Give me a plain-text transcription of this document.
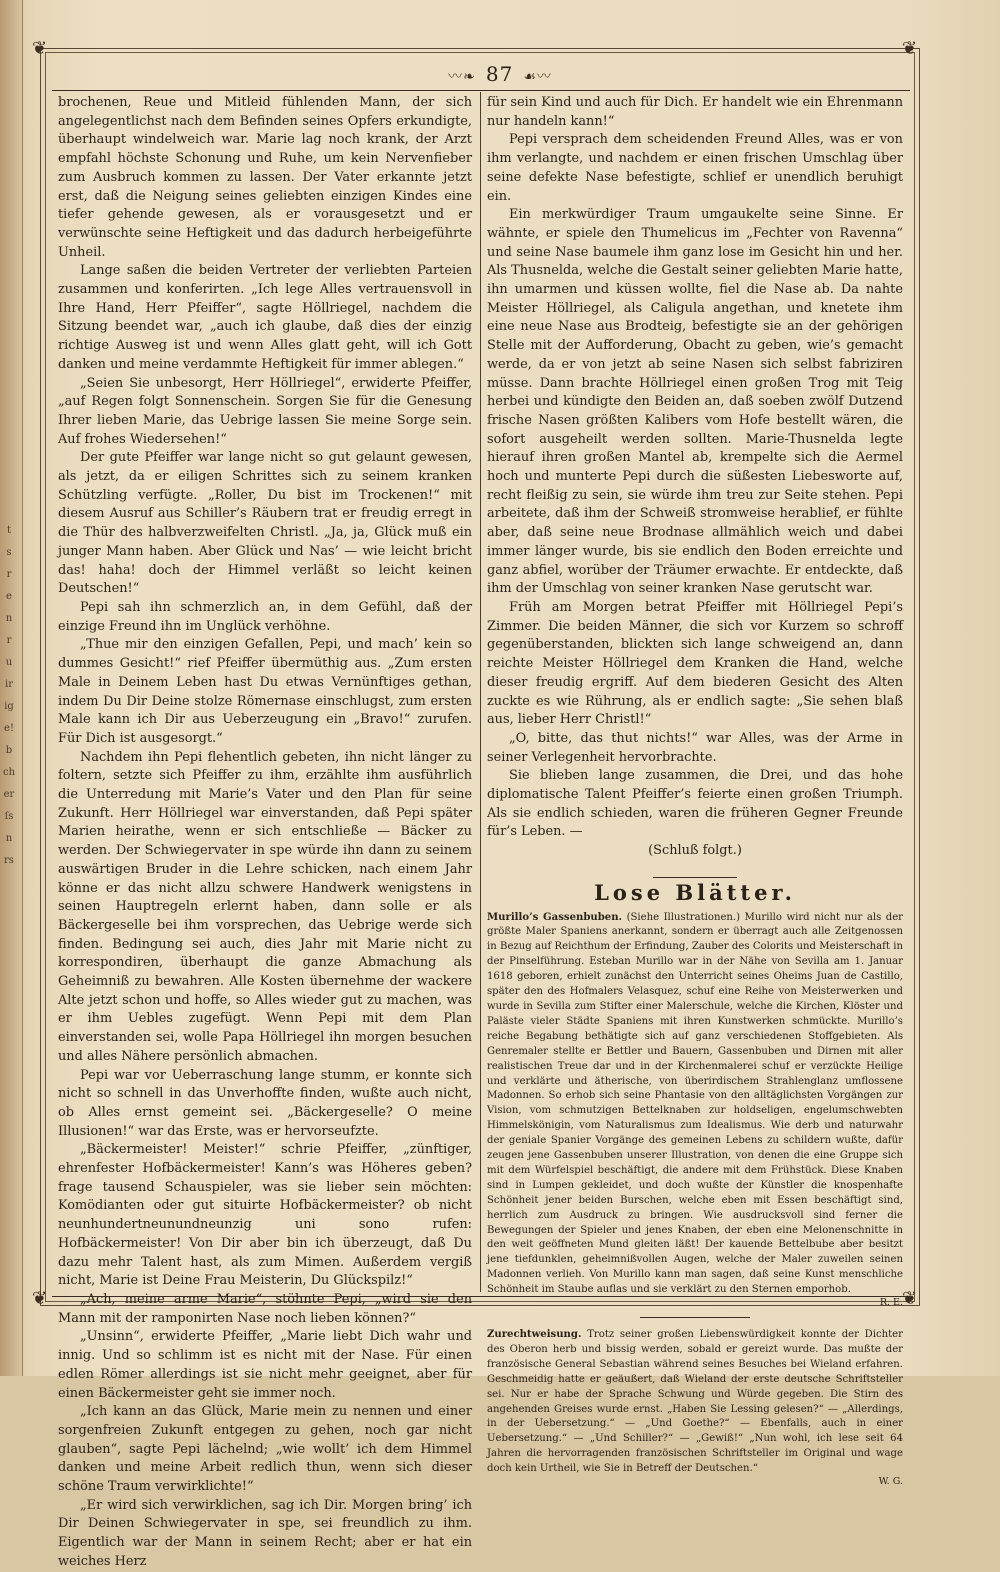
t
s
r
e
n
r
u
ir
ig
e!
b
ch
er
ſs
n
rs
❦	❦
❦	❦
〰❧ 87 ☙〰

brochenen, Reue und Mitleid fühlenden Mann, der sich angelegentlichst nach dem Befinden seines Opfers erkundigte, überhaupt windelweich war. Marie lag noch krank, der Arzt empfahl höchste Schonung und Ruhe, um kein Nervenfieber zum Ausbruch kommen zu lassen. Der Vater erkannte jetzt erst, daß die Neigung seines geliebten einzigen Kindes eine tiefer gehende gewesen, als er vorausgesetzt und er verwünschte seine Heftigkeit und das dadurch herbeigeführte Unheil.

Lange saßen die beiden Vertreter der verliebten Parteien zusammen und konferirten. „Ich lege Alles vertrauensvoll in Ihre Hand, Herr Pfeiffer“, sagte Höllriegel, nachdem die Sitzung beendet war, „auch ich glaube, daß dies der einzig richtige Ausweg ist und wenn Alles glatt geht, will ich Gott danken und meine verdammte Heftigkeit für immer ablegen.“

„Seien Sie unbesorgt, Herr Höllriegel“, erwiderte Pfeiffer, „auf Regen folgt Sonnenschein. Sorgen Sie für die Genesung Ihrer lieben Marie, das Uebrige lassen Sie meine Sorge sein. Auf frohes Wiedersehen!“

Der gute Pfeiffer war lange nicht so gut gelaunt gewesen, als jetzt, da er eiligen Schrittes sich zu seinem kranken Schützling verfügte. „Roller, Du bist im Trockenen!“ mit diesem Ausruf aus Schiller’s Räubern trat er freudig erregt in die Thür des halbverzweifelten Christl. „Ja, ja, Glück muß ein junger Mann haben. Aber Glück und Nas’ — wie leicht bricht das! haha! doch der Himmel verläßt so leicht keinen Deutschen!“

Pepi sah ihn schmerzlich an, in dem Gefühl, daß der einzige Freund ihn im Unglück verhöhne.

„Thue mir den einzigen Gefallen, Pepi, und mach’ kein so dummes Gesicht!“ rief Pfeiffer übermüthig aus. „Zum ersten Male in Deinem Leben hast Du etwas Vernünftiges gethan, indem Du Dir Deine stolze Römernase einschlugst, zum ersten Male kann ich Dir aus Ueberzeugung ein „Bravo!“ zurufen. Für Dich ist ausgesorgt.“

Nachdem ihn Pepi flehentlich gebeten, ihn nicht länger zu foltern, setzte sich Pfeiffer zu ihm, erzählte ihm ausführlich die Unterredung mit Marie’s Vater und den Plan für seine Zukunft. Herr Höllriegel war einverstanden, daß Pepi später Marien heirathe, wenn er sich entschließe — Bäcker zu werden. Der Schwiegervater in spe würde ihn dann zu seinem auswärtigen Bruder in die Lehre schicken, nach einem Jahr könne er das nicht allzu schwere Handwerk wenigstens in seinen Hauptregeln erlernt haben, dann solle er als Bäckergeselle bei ihm vorsprechen, das Uebrige werde sich finden. Bedingung sei auch, dies Jahr mit Marie nicht zu korrespondiren, überhaupt die ganze Abmachung als Geheimniß zu bewahren. Alle Kosten übernehme der wackere Alte jetzt schon und hoffe, so Alles wieder gut zu machen, was er ihm Uebles zugefügt. Wenn Pepi mit dem Plan einverstanden sei, wolle Papa Höllriegel ihn morgen besuchen und alles Nähere persönlich abmachen.

Pepi war vor Ueberraschung lange stumm, er konnte sich nicht so schnell in das Unverhoffte finden, wußte auch nicht, ob Alles ernst gemeint sei. „Bäckergeselle? O meine Illusionen!“ war das Erste, was er hervorseufzte.

„Bäckermeister! Meister!“ schrie Pfeiffer, „zünftiger, ehrenfester Hofbäckermeister! Kann’s was Höheres geben? frage tausend Schauspieler, was sie lieber sein möchten: Komödianten oder gut situirte Hofbäckermeister? ob nicht neunhundertneunundneunzig uni sono rufen: Hofbäckermeister! Von Dir aber bin ich überzeugt, daß Du dazu mehr Talent hast, als zum Mimen. Außerdem vergiß nicht, Marie ist Deine Frau Meisterin, Du Glückspilz!“

„Ach, meine arme Marie“, stöhnte Pepi, „wird sie den Mann mit der ramponirten Nase noch lieben können?“

„Unsinn“, erwiderte Pfeiffer, „Marie liebt Dich wahr und innig. Und so schlimm ist es nicht mit der Nase. Für einen edlen Römer allerdings ist sie nicht mehr geeignet, aber für einen Bäckermeister geht sie immer noch.

„Ich kann an das Glück, Marie mein zu nennen und einer sorgenfreien Zukunft entgegen zu gehen, noch gar nicht glauben“, sagte Pepi lächelnd; „wie wollt’ ich dem Himmel danken und meine Arbeit redlich thun, wenn sich dieser schöne Traum verwirklichte!“

„Er wird sich verwirklichen, sag ich Dir. Morgen bring’ ich Dir Deinen Schwiegervater in spe, sei freundlich zu ihm. Eigentlich war der Mann in seinem Recht; aber er hat ein weiches Herz

für sein Kind und auch für Dich. Er handelt wie ein Ehrenmann nur handeln kann!“

Pepi versprach dem scheidenden Freund Alles, was er von ihm verlangte, und nachdem er einen frischen Umschlag über seine defekte Nase befestigte, schlief er unendlich beruhigt ein.

Ein merkwürdiger Traum umgaukelte seine Sinne. Er wähnte, er spiele den Thumelicus im „Fechter von Ravenna“ und seine Nase baumele ihm ganz lose im Gesicht hin und her. Als Thusnelda, welche die Gestalt seiner geliebten Marie hatte, ihn umarmen und küssen wollte, fiel die Nase ab. Da nahte Meister Höllriegel, als Caligula angethan, und knetete ihm eine neue Nase aus Brodteig, befestigte sie an der gehörigen Stelle mit der Aufforderung, Obacht zu geben, wie’s gemacht werde, da er von jetzt ab seine Nasen sich selbst fabriziren müsse. Dann brachte Höllriegel einen großen Trog mit Teig herbei und kündigte den Beiden an, daß soeben zwölf Dutzend frische Nasen größten Kalibers vom Hofe bestellt wären, die sofort ausgeheilt werden sollten. Marie-Thusnelda legte hierauf ihren großen Mantel ab, krempelte sich die Aermel hoch und munterte Pepi durch die süßesten Liebesworte auf, recht fleißig zu sein, sie würde ihm treu zur Seite stehen. Pepi arbeitete, daß ihm der Schweiß stromweise herablief, er fühlte aber, daß seine neue Brodnase allmählich weich und dabei immer länger wurde, bis sie endlich den Boden erreichte und ganz abfiel, worüber der Träumer erwachte. Er entdeckte, daß ihm der Umschlag von seiner kranken Nase gerutscht war.

Früh am Morgen betrat Pfeiffer mit Höllriegel Pepi’s Zimmer. Die beiden Männer, die sich vor Kurzem so schroff gegenüberstanden, blickten sich lange schweigend an, dann reichte Meister Höllriegel dem Kranken die Hand, welche dieser freudig ergriff. Auf dem biederen Gesicht des Alten zuckte es wie Rührung, als er endlich sagte: „Sie sehen blaß aus, lieber Herr Christl!“

„O, bitte, das thut nichts!“ war Alles, was der Arme in seiner Verlegenheit hervorbrachte.

Sie blieben lange zusammen, die Drei, und das hohe diplomatische Talent Pfeiffer’s feierte einen großen Triumph. Als sie endlich schieden, waren die früheren Gegner Freunde für’s Leben. —

(Schluß folgt.)

Lose Blätter.

Murillo’s Gassenbuben. (Siehe Illustrationen.) Murillo wird nicht nur als der größte Maler Spaniens anerkannt, sondern er überragt auch alle Zeitgenossen in Bezug auf Reichthum der Erfindung, Zauber des Colorits und Meisterschaft in der Pinselführung. Esteban Murillo war in der Nähe von Sevilla am 1. Januar 1618 geboren, erhielt zunächst den Unterricht seines Oheims Juan de Castillo, später den des Hofmalers Velasquez, schuf eine Reihe von Meisterwerken und wurde in Sevilla zum Stifter einer Malerschule, welche die Kirchen, Klöster und Paläste vieler Städte Spaniens mit ihren Kunstwerken schmückte. Murillo’s reiche Begabung bethätigte sich auf ganz verschiedenen Stoffgebieten. Als Genremaler stellte er Bettler und Bauern, Gassenbuben und Dirnen mit aller realistischen Treue dar und in der Kirchenmalerei schuf er verzückte Heilige und verklärte und ätherische, von überirdischem Strahlenglanz umflossene Madonnen. So erhob sich seine Phantasie von den alltäglichsten Vorgängen zur Vision, vom schmutzigen Bettelknaben zur holdseligen, engelumschwebten Himmelskönigin, vom Naturalismus zum Idealismus. Wie derb und naturwahr der geniale Spanier Vorgänge des gemeinen Lebens zu schildern wußte, dafür zeugen jene Gassenbuben unserer Illustration, von denen die eine Gruppe sich mit dem Würfelspiel beschäftigt, die andere mit dem Frühstück. Diese Knaben sind in Lumpen gekleidet, und doch wußte der Künstler die knospenhafte Schönheit jener beiden Burschen, welche eben mit Essen beschäftigt sind, herrlich zum Ausdruck zu bringen. Wie ausdrucksvoll sind ferner die Bewegungen der Spieler und jenes Knaben, der eben eine Melonenschnitte in den weit geöffneten Mund gleiten läßt! Der kauende Bettelbube aber besitzt jene tiefdunklen, geheimnißvollen Augen, welche der Maler zuweilen seinen Madonnen verlieh. Von Murillo kann man sagen, daß seine Kunst menschliche Schönheit im Staube auflas und sie verklärt zu den Sternen emporhob.

R. E.

Zurechtweisung. Trotz seiner großen Liebenswürdigkeit konnte der Dichter des Oberon herb und bissig werden, sobald er gereizt wurde. Das mußte der französische General Sebastian während seines Besuches bei Wieland erfahren. Geschmeidig hatte er geäußert, daß Wieland der erste deutsche Schriftsteller sei. Nur er habe der Sprache Schwung und Würde gegeben. Die Stirn des angehenden Greises wurde ernst. „Haben Sie Lessing gelesen?“ — „Allerdings, in der Uebersetzung.“ — „Und Goethe?“ — Ebenfalls, auch in einer Uebersetzung.“ — „Und Schiller?“ — „Gewiß!“ „Nun wohl, ich lese seit 64 Jahren die hervorragenden französischen Schriftsteller im Original und wage doch kein Urtheil, wie Sie in Betreff der Deutschen.“

W. G.
